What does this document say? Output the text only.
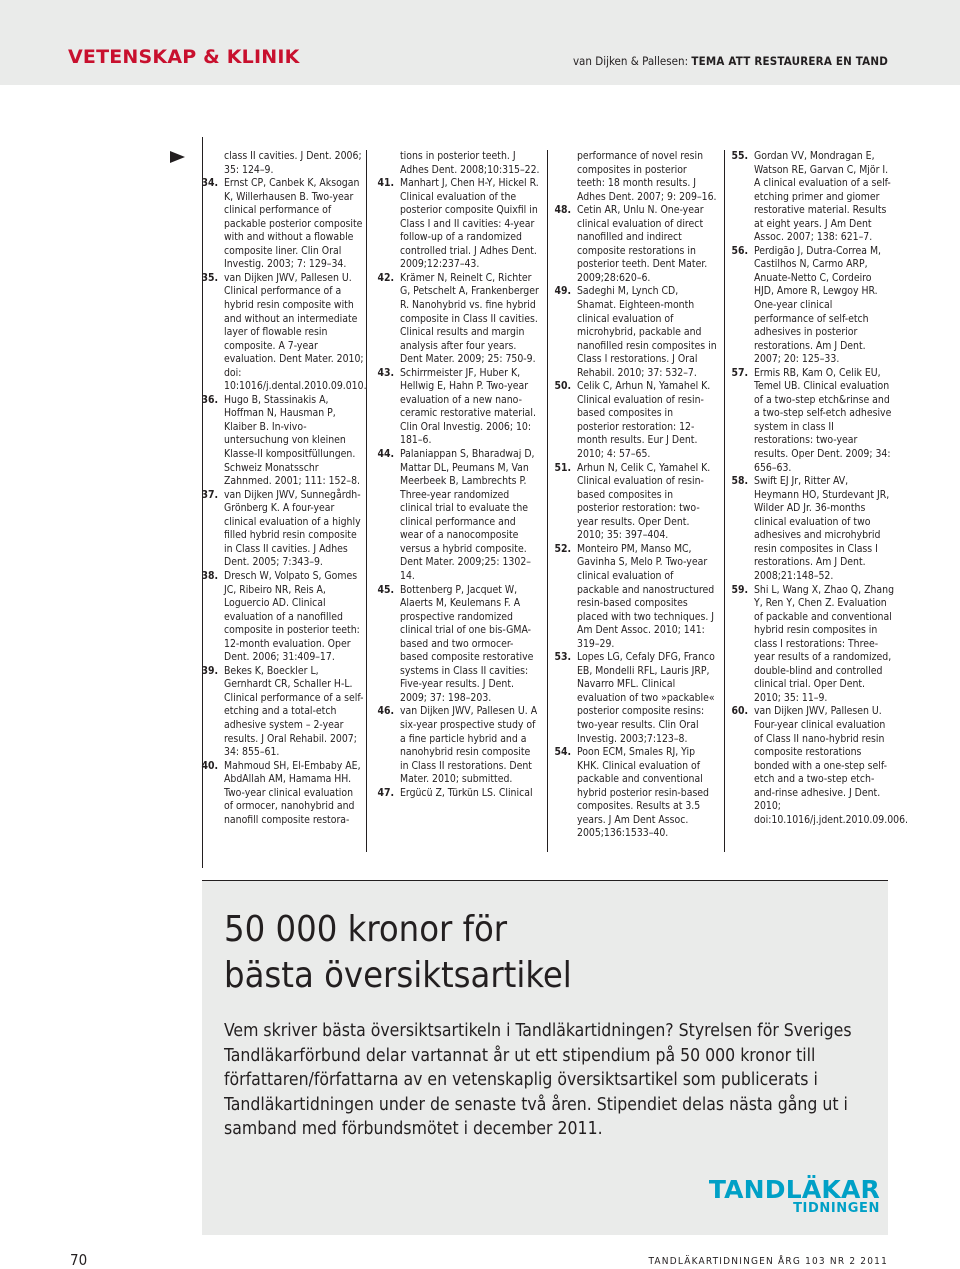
VETENSKAP & KLINIK	van Dijken & Pallesen: TEMA ATT RESTAURERA EN TAND
class II cavities. J Dent. 2006; 35: 124–9.
34. Ernst CP, Canbek K, Aksogan K, Willerhausen B. Two-year clinical performance of packable posterior composite with and without a flowable composite liner. Clin Oral Investig. 2003; 7: 129–34.
35. van Dijken JWV, Pallesen U. Clinical performance of a hybrid resin composite with and without an intermediate layer of flowable resin composite. A 7-year evaluation. Dent Mater. 2010; doi: 10:1016/j.dental.2010.09.010.
36. Hugo B, Stassinakis A, Hoffman N, Hausman P, Klaiber B. In-vivo-untersuchung von kleinen Klasse-II kompositfüllungen. Schweiz Monatsschr Zahnmed. 2001; 111: 152–8.
37. van Dijken JWV, Sunnegårdh-Grönberg K. A four-year clinical evaluation of a highly filled hybrid resin composite in Class II cavities. J Adhes Dent. 2005; 7:343–9.
38. Dresch W, Volpato S, Gomes JC, Ribeiro NR, Reis A, Loguercio AD. Clinical evaluation of a nanofilled composite in posterior teeth: 12-month evaluation. Oper Dent. 2006; 31:409–17.
39. Bekes K, Boeckler L, Gernhardt CR, Schaller H-L. Clinical performance of a self-etching and a total-etch adhesive system – 2-year results. J Oral Rehabil. 2007; 34: 855–61.
40. Mahmoud SH, El-Embaby AE, AbdAllah AM, Hamama HH. Two-year clinical evaluation of ormocer, nanohybrid and nanofill composite restora-
tions in posterior teeth. J Adhes Dent. 2008;10:315–22.
41. Manhart J, Chen H-Y, Hickel R. Clinical evaluation of the posterior composite Quixfil in Class I and II cavities: 4-year follow-up of a randomized controlled trial. J Adhes Dent. 2009;12:237–43.
42. Krämer N, Reinelt C, Richter G, Petschelt A, Frankenberger R. Nanohybrid vs. fine hybrid composite in Class II cavities. Clinical results and margin analysis after four years. Dent Mater. 2009; 25: 750-9.
43. Schirrmeister JF, Huber K, Hellwig E, Hahn P. Two-year evaluation of a new nano-ceramic restorative material. Clin Oral Investig. 2006; 10: 181–6.
44. Palaniappan S, Bharadwaj D, Mattar DL, Peumans M, Van Meerbeek B, Lambrechts P. Three-year randomized clinical trial to evaluate the clinical performance and wear of a nanocomposite versus a hybrid composite. Dent Mater. 2009;25: 1302–14.
45. Bottenberg P, Jacquet W, Alaerts M, Keulemans F. A prospective randomized clinical trial of one bis-GMA-based and two ormocer-based composite restorative systems in Class II cavities: Five-year results. J Dent. 2009; 37: 198–203.
46. van Dijken JWV, Pallesen U. A six-year prospective study of a fine particle hybrid and a nanohybrid resin composite in Class II restorations. Dent Mater. 2010; submitted.
47. Ergücü Z, Türkün LS. Clinical
performance of novel resin composites in posterior teeth: 18 month results. J Adhes Dent. 2007; 9: 209–16.
48. Cetin AR, Unlu N. One-year clinical evaluation of direct nanofilled and indirect composite restorations in posterior teeth. Dent Mater. 2009;28:620–6.
49. Sadeghi M, Lynch CD, Shamat. Eighteen-month clinical evaluation of microhybrid, packable and nanofilled resin composites in Class I restorations. J Oral Rehabil. 2010; 37: 532–7.
50. Celik C, Arhun N, Yamahel K. Clinical evaluation of resin-based composites in posterior restoration: 12-month results. Eur J Dent. 2010; 4: 57–65.
51. Arhun N, Celik C, Yamahel K. Clinical evaluation of resin-based composites in posterior restoration: two-year results. Oper Dent. 2010; 35: 397–404.
52. Monteiro PM, Manso MC, Gavinha S, Melo P. Two-year clinical evaluation of packable and nanostructured resin-based composites placed with two techniques. J Am Dent Assoc. 2010; 141: 319–29.
53. Lopes LG, Cefaly DFG, Franco EB, Mondelli RFL, Lauris JRP, Navarro MFL. Clinical evaluation of two »packable« posterior composite resins: two-year results. Clin Oral Investig. 2003;7:123–8.
54. Poon ECM, Smales RJ, Yip KHK. Clinical evaluation of packable and conventional hybrid posterior resin-based composites. Results at 3.5 years. J Am Dent Assoc. 2005;136:1533–40.
55. Gordan VV, Mondragan E, Watson RE, Garvan C, Mjör I. A clinical evaluation of a self-etching primer and giomer restorative material. Results at eight years. J Am Dent Assoc. 2007; 138: 621–7.
56. Perdigão J, Dutra-Correa M, Castilhos N, Carmo ARP, Anuate-Netto C, Cordeiro HJD, Amore R, Lewgoy HR. One-year clinical performance of self-etch adhesives in posterior restorations. Am J Dent. 2007; 20: 125–33.
57. Ermis RB, Kam O, Celik EU, Temel UB. Clinical evaluation of a two-step etch&rinse and a two-step self-etch adhesive system in class II restorations: two-year results. Oper Dent. 2009; 34: 656–63.
58. Swift EJ Jr, Ritter AV, Heymann HO, Sturdevant JR, Wilder AD Jr. 36-months clinical evaluation of two adhesives and microhybrid resin composites in Class I restorations. Am J Dent. 2008;21:148–52.
59. Shi L, Wang X, Zhao Q, Zhang Y, Ren Y, Chen Z. Evaluation of packable and conventional hybrid resin composites in class I restorations: Three-year results of a randomized, double-blind and controlled clinical trial. Oper Dent. 2010; 35: 11–9.
60. van Dijken JWV, Pallesen U. Four-year clinical evaluation of Class II nano-hybrid resin composite restorations bonded with a one-step self-etch and a two-step etch-and-rinse adhesive. J Dent. 2010; doi:10.1016/j.jdent.2010.09.006.
50 000 kronor för
bästa översiktsartikel
Vem skriver bästa översiktsartikeln i Tandläkartidningen? Styrelsen för Sveriges Tandläkarförbund delar vartannat år ut ett stipendium på 50 000 kronor till författaren/författarna av en vetenskaplig översiktsartikel som publicerats i Tandläkartidningen under de senaste två åren. Stipendiet delas nästa gång ut i samband med förbundsmötet i december 2011.
TANDLÄKAR
TIDNINGEN
70	TANDLÄKARTIDNINGEN ÅRG 103 NR 2 2011
